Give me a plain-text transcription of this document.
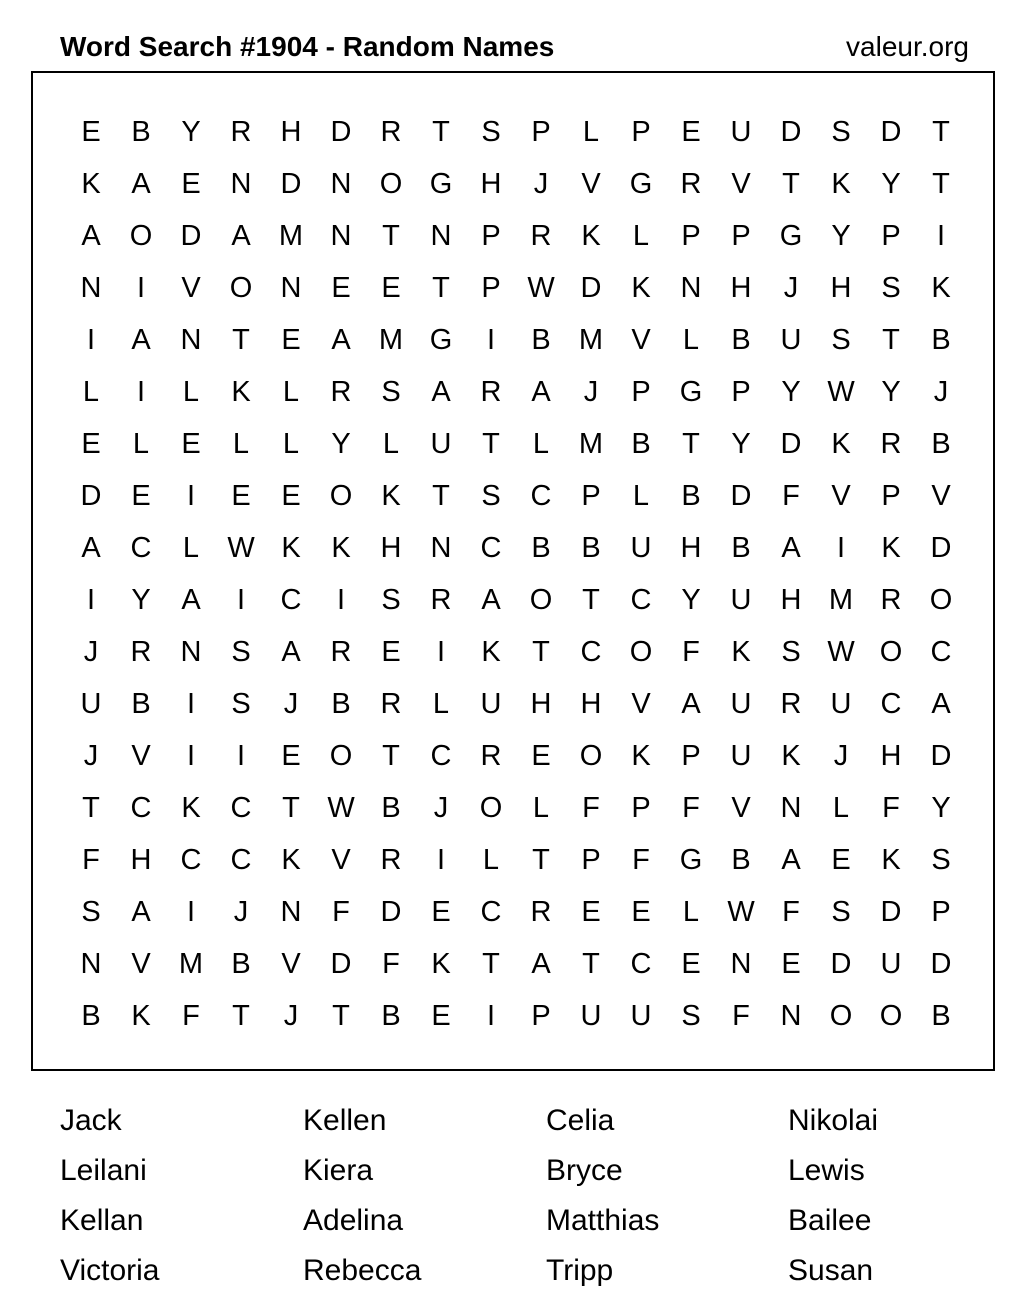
Word Search #1904 - Random Names	valeur.org
E	B	Y	R	H	D	R	T	S	P	L	P	E	U	D	S	D	T
K	A	E	N	D	N O G H	J	V	G R	V	T	K	Y	T
A	O D	A M N	T	N	P	R	K	L	P	P	G	Y	P	I
N	I	V	O N	E	E	T	P W D	K	N	H	J	H	S	K
I	A	N	T	E	A M G	I	B M V	L	B	U	S	T	B
L	I	L	K	L	R	S	A	R	A	J	P	G	P	Y W Y	J
E	L	E	L	L	Y	L	U	T	L	M B	T	Y	D	K	R	B
D	E	I	E	E	O	K	T	S	C	P	L	B	D	F	V	P	V
A	C	L W K	K	H	N	C	B	B	U	H	B	A	I	K	D
I	Y	A	I	C	I	S	R	A	O	T	C	Y	U	H M R O
J	R	N	S	A	R	E	I	K	T	C O	F	K	S W O C
U	B	I	S	J	B	R	L	U	H	H	V	A	U	R	U	C	A
J	V	I	I	E	O	T	C	R	E	O	K	P	U	K	J	H	D
T	C	K	C	T W B	J	O	L	F	P	F	V	N	L	F	Y
F	H	C	C	K	V	R	I	L	T	P	F	G	B	A	E	K	S
S	A	I	J	N	F	D	E	C	R	E	E	L W F	S	D	P
N	V M B	V	D	F	K	T	A	T	C	E	N	E	D	U	D
B	K	F	T	J	T	B	E	I	P	U	U	S	F	N O O	B
Jack	Kellen	Celia	Nikolai
Leilani	Kiera	Bryce	Lewis
Kellan	Adelina	Matthias	Bailee
Victoria	Rebecca	Tripp	Susan
